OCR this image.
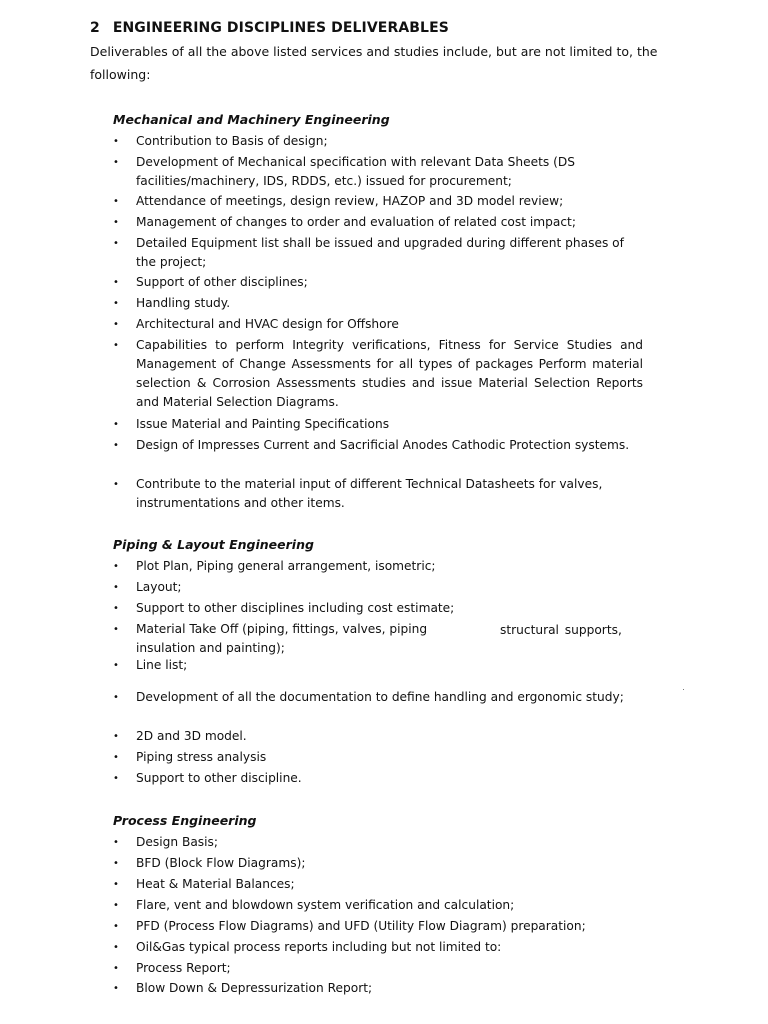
2 ENGINEERING DISCIPLINES DELIVERABLES
Deliverables of all the above listed services and studies include, but are not limited to, the following:
MechanicaI and Machinery Engineering
•	Contribution to Basis of design;
•	Development of Mechanical specification with relevant Data Sheets (DS facilities/machinery, IDS, RDDS, etc.) issued for procurement;
•	Attendance of meetings, design review, HAZOP and 3D model review;
•	Management of changes to order and evaluation of related cost impact;
•	Detailed Equipment list shall be issued and upgraded during different phases of the project;
•	Support of other disciplines;
•	Handling study.
•	Architectural and HVAC design for Offshore
•	Capabilities to perform Integrity verifications, Fitness for Service Studies and Management of Change Assessments for all types of packages Perform material selection & Corrosion Assessments studies and issue Material Selection Reports and Material Selection Diagrams.
•	Issue Material and Painting Specifications
•	Design of Impresses Current and Sacrificial Anodes Cathodic Protection systems.
•	Contribute to the material input of different Technical Datasheets for valves, instrumentations and other items.
Piping & Layout Engineering
•	Plot Plan, Piping general arrangement, isometric;
•	Layout;
•	Support to other disciplines including cost estimate;
•	Material Take Off (piping, fittings, valves, piping	structural supports,
insulation and painting);
•	Line list;
•	Development of all the documentation to define handling and ergonomic study;
•	2D and 3D model.
•	Piping stress analysis
•	Support to other discipline.
Process Engineering
•	Design Basis;
•	BFD (Block Flow Diagrams);
•	Heat & Material Balances;
•	Flare, vent and blowdown system verification and calculation;
•	PFD (Process Flow Diagrams) and UFD (Utility Flow Diagram) preparation;
•	Oil&Gas typical process reports including but not limited to:
•	Process Report;
•	Blow Down & Depressurization Report;
